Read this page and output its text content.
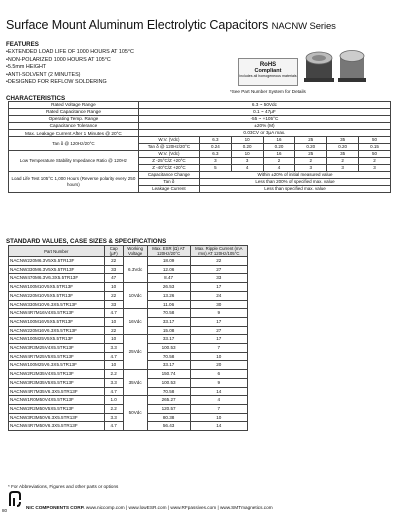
Surface Mount Aluminum Electrolytic Capacitors NACNW Series
FEATURES
• EXTENDED LOAD LIFE OF 1000 HOURS AT 105°C
• NON-POLARIZED 1000 HOURS AT 105°C
• 5.5mm HEIGHT
• ANTI-SOLVENT (2 MINUTES)
• DESIGNED FOR REFLOW SOLDERING
RoHS
Compliant
includes all homogeneous materials
*See Part Number System for Details
CHARACTERISTICS
Rated Voltage Range	6.3 ~ 50Vdc						
Rated Capacitance Range	0.1 ~ 47µF						
Operating Temp. Range	-55 ~ +105°C						
Capacitance Tolerance	±20% (M)						
Max. Leakage Current After 1 Minutes @ 20°C	0.03CV or 3µA max.						
Tan δ @ 120Hz/20°C	W.V. (Vdc)	6.3	10	16	25	35	50
	Tan δ @ 120Hz/20°C	0.24	0.20	0.20	0.20	0.20	0.15
Low Temperature Stability Impedance Ratio @ 120Hz	W.V. (Vdc)	6.3	10	16	25	35	50
	Z -25°C/Z +20°C	3	3	2	2	2	2
	Z -40°C/Z +20°C	5	4	4	3	3	3
Load Life Test 105°C 1,000 Hours (Reverse polarity every 250 hours)	Capacitance Change	Within ±20% of initial measured value					
	Tan δ	Less than 200% of specified max. value					
	Leakage Current	Less than specified max. value					
STANDARD VALUES, CASE SIZES & SPECIFICATIONS
Part Number	Cap (µF)	Working Voltage	Max. ESR (Ω) AT 120Hz/20°C	Max. Ripple Current (mA rms) AT 120Hz/105°C
NACNW220M6.3V5X5.5TR13F	22	6.3Vdc	18.09	22
NACNW330M6.3V5X5.5TR13F	33		12.06	27
NACNW470M6.3V6.3X5.5TR13F	47		8.47	33
NACNW100M10V5X5.5TR13F	10	10Vdc	26.53	17
NACNW220M10V5X5.5TR13F	22		13.26	24
NACNW330M10V6.3X5.5TR13F	33		11.06	30
NACNW4R7M16V4X5.5TR13F	4.7	16Vdc	70.58	9
NACNW100M16V5X5.5TR13F	10		33.17	17
NACNW220M16V6.3X5.5TR13F	22		15.08	27
NACNW100M25V5X5.5TR13F	10	25Vdc	33.17	17
NACNW3R3M25V4X5.5TR13F	3.3		100.53	7
NACNW4R7M25V5X5.5TR13F	4.7		70.58	10
NACNW100M25V6.3X5.5TR13F	10		33.17	20
NACNW2R2M35V4X5.5TR13F	2.2	35Vdc	150.74	6
NACNW3R3M35V5X5.5TR13F	3.3		100.53	9
NACNW4R7M35V6.3X5.5TR13F	4.7		70.58	14
NACNW1R0M50V4X5.5TR13F	1.0	50Vdc	265.27	4
NACNW2R2M50V5X5.5TR13F	2.2		120.57	7
NACNW3R3M50V6.3X5.5TR13F	3.3		80.38	10
NACNW4R7M50V6.3X5.5TR13F	4.7		56.43	14
* For Abbreviations, Figures and other parts or options
80
NIC COMPONENTS CORP. www.niccomp.com | www.lowESR.com | www.RFpassives.com | www.SMTmagnetics.com
